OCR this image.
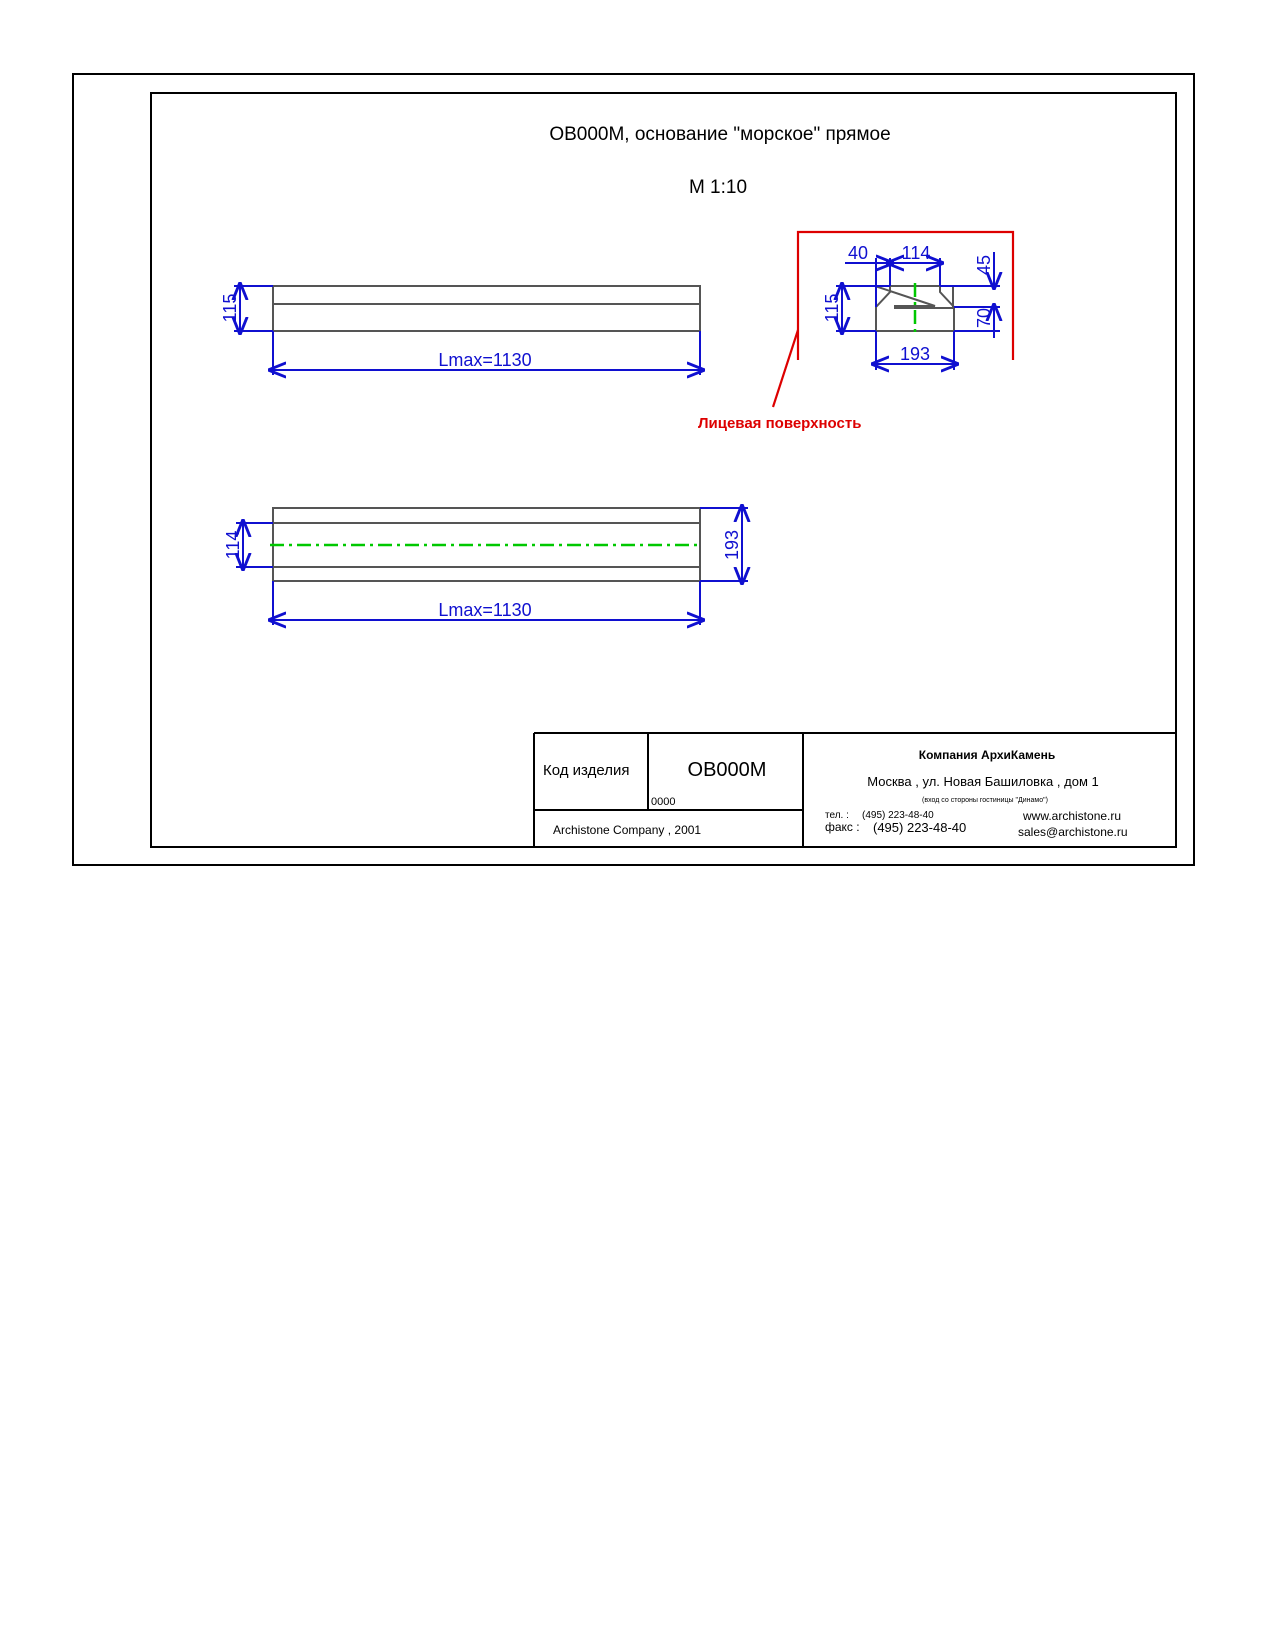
OB000M, основание "морское" прямое
М 1:10
115
Lmax=1130
Лицевая поверхность
40 114
115
45
70
193
114	193
Lmax=1130
Код изделия	OB000M
0000
Archistone Company , 2001
Компания АрхиКамень
Москва , ул. Новая Башиловка , дом 1
(вход со стороны гостиницы "Динамо")
тел. : (495) 223-48-40
факс : (495) 223-48-40
www.archistone.ru
sales@archistone.ru
